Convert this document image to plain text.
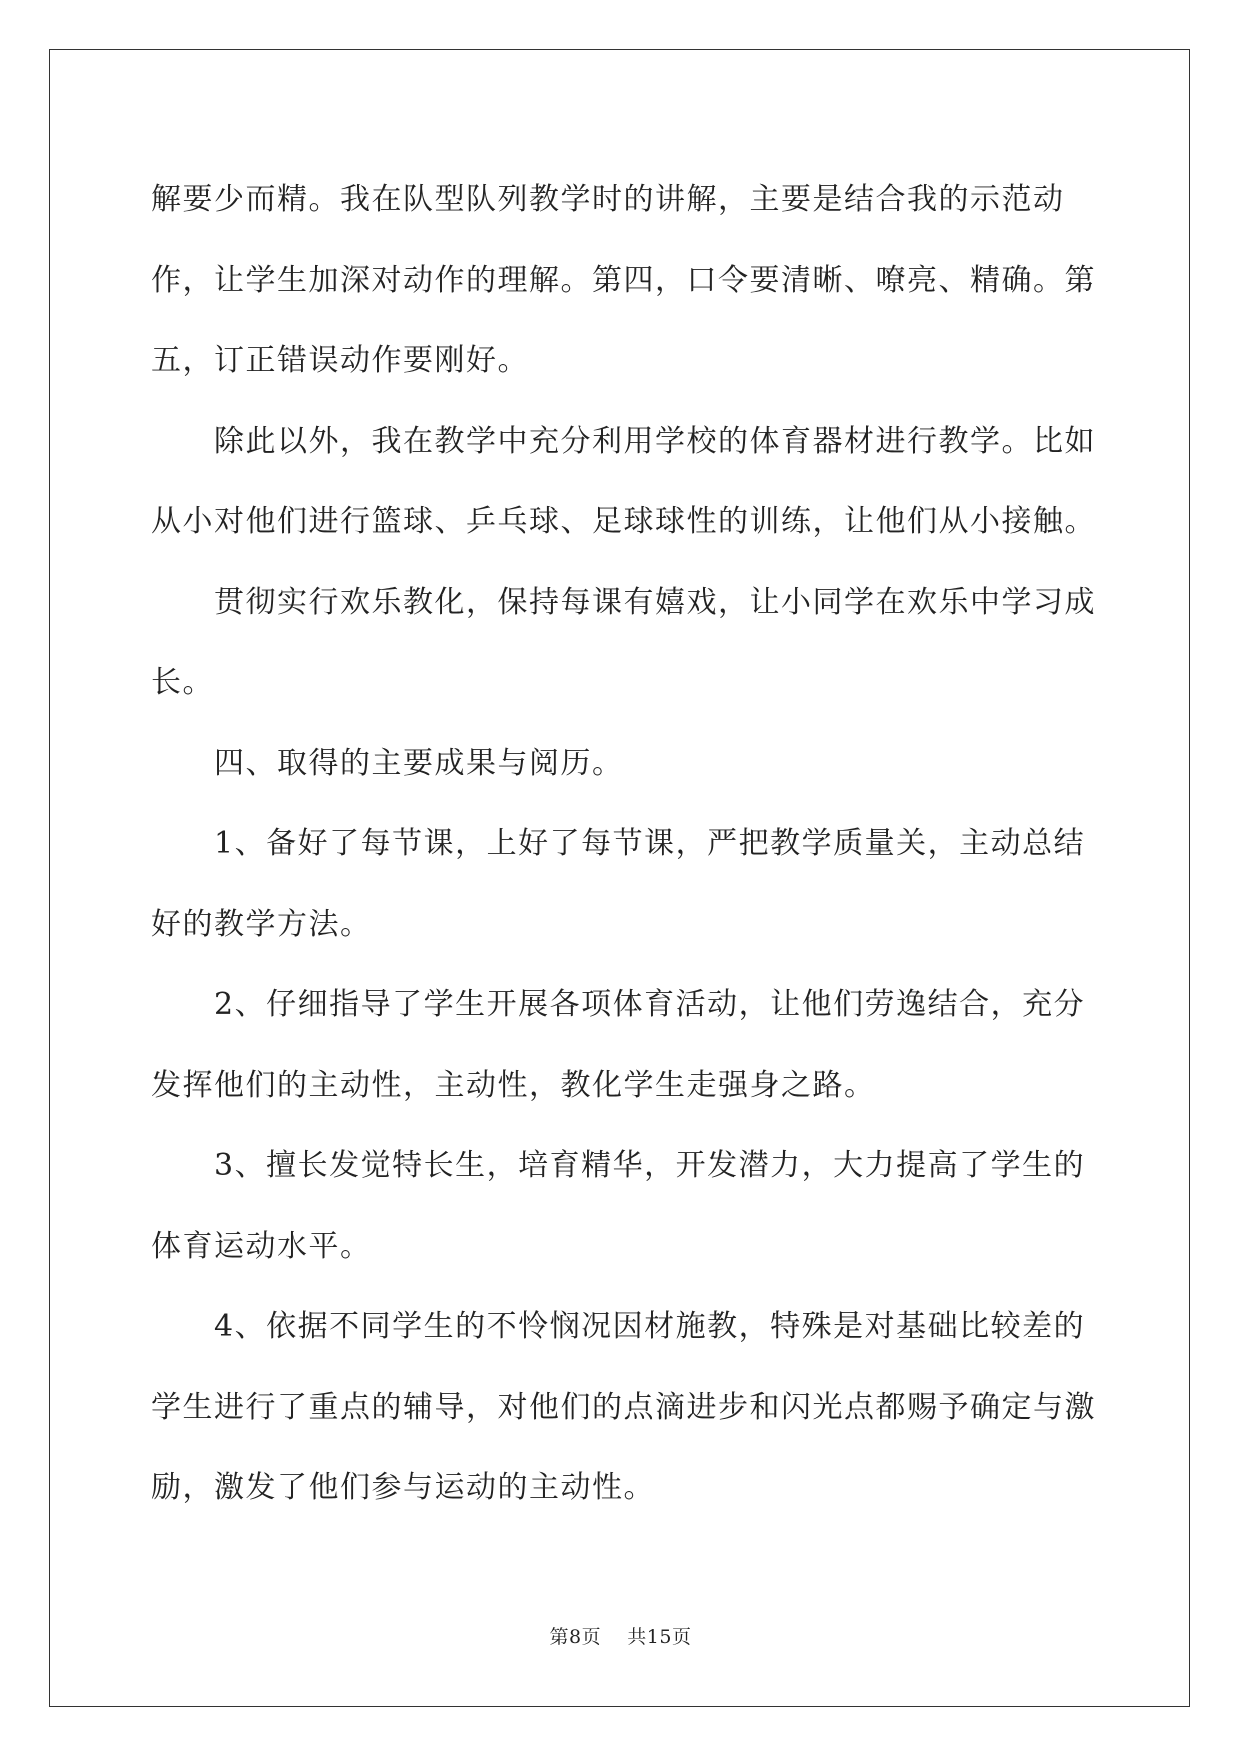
解要少而精。我在队型队列教学时的讲解，主要是结合我的示范动作，让学生加深对动作的理解。第四，口令要清晰、嘹亮、精确。第五，订正错误动作要刚好。

除此以外，我在教学中充分利用学校的体育器材进行教学。比如从小对他们进行篮球、乒乓球、足球球性的训练，让他们从小接触。

贯彻实行欢乐教化，保持每课有嬉戏，让小同学在欢乐中学习成长。

四、取得的主要成果与阅历。

1、备好了每节课，上好了每节课，严把教学质量关，主动总结好的教学方法。

2、仔细指导了学生开展各项体育活动，让他们劳逸结合，充分发挥他们的主动性，主动性，教化学生走强身之路。

3、擅长发觉特长生，培育精华，开发潜力，大力提高了学生的体育运动水平。

4、依据不同学生的不怜悯况因材施教，特殊是对基础比较差的学生进行了重点的辅导，对他们的点滴进步和闪光点都赐予确定与激励，激发了他们参与运动的主动性。

第8页 共15页
